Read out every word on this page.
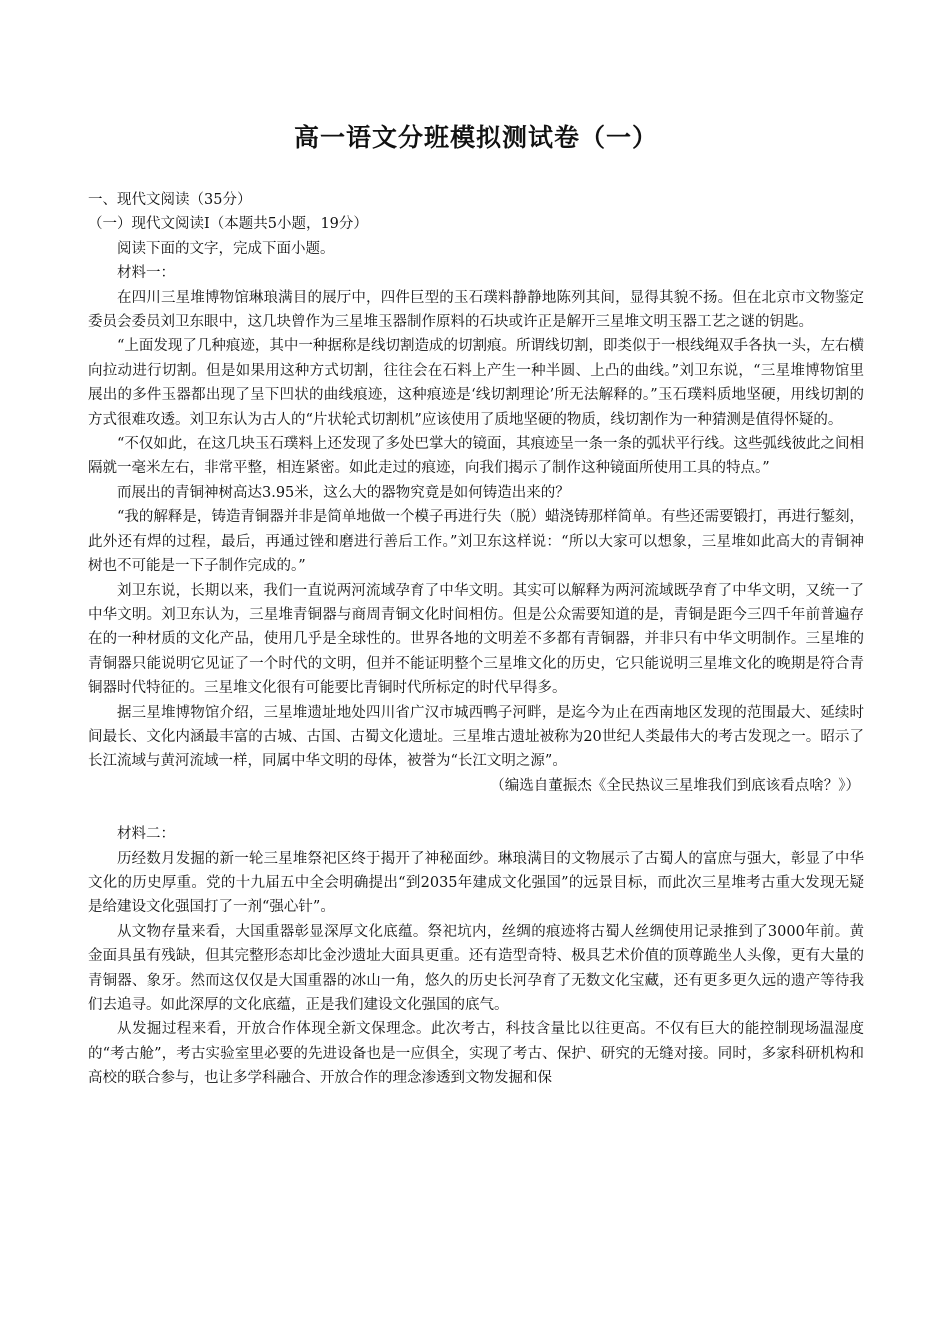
高一语文分班模拟测试卷（一）

一、现代文阅读（35分）

（一）现代文阅读Ⅰ（本题共5小题，19分）

阅读下面的文字，完成下面小题。

材料一：

在四川三星堆博物馆琳琅满目的展厅中，四件巨型的玉石璞料静静地陈列其间，显得其貌不扬。但在北京市文物鉴定委员会委员刘卫东眼中，这几块曾作为三星堆玉器制作原料的石块或许正是解开三星堆文明玉器工艺之谜的钥匙。

“上面发现了几种痕迹，其中一种据称是线切割造成的切割痕。所谓线切割，即类似于一根线绳双手各执一头，左右横向拉动进行切割。但是如果用这种方式切割，往往会在石料上产生一种半圆、上凸的曲线。”刘卫东说，“三星堆博物馆里展出的多件玉器都出现了呈下凹状的曲线痕迹，这种痕迹是‘线切割理论’所无法解释的。”玉石璞料质地坚硬，用线切割的方式很难攻透。刘卫东认为古人的“片状轮式切割机”应该使用了质地坚硬的物质，线切割作为一种猜测是值得怀疑的。

“不仅如此，在这几块玉石璞料上还发现了多处巴掌大的镜面，其痕迹呈一条一条的弧状平行线。这些弧线彼此之间相隔就一毫米左右，非常平整，相连紧密。如此走过的痕迹，向我们揭示了制作这种镜面所使用工具的特点。”

而展出的青铜神树高达3.95米，这么大的器物究竟是如何铸造出来的？

“我的解释是，铸造青铜器并非是简单地做一个模子再进行失（脱）蜡浇铸那样简单。有些还需要锻打，再进行錾刻，此外还有焊的过程，最后，再通过锉和磨进行善后工作。”刘卫东这样说：“所以大家可以想象，三星堆如此高大的青铜神树也不可能是一下子制作完成的。”

刘卫东说，长期以来，我们一直说两河流域孕育了中华文明。其实可以解释为两河流域既孕育了中华文明，又统一了中华文明。刘卫东认为，三星堆青铜器与商周青铜文化时间相仿。但是公众需要知道的是，青铜是距今三四千年前普遍存在的一种材质的文化产品，使用几乎是全球性的。世界各地的文明差不多都有青铜器，并非只有中华文明制作。三星堆的青铜器只能说明它见证了一个时代的文明，但并不能证明整个三星堆文化的历史，它只能说明三星堆文化的晚期是符合青铜器时代特征的。三星堆文化很有可能要比青铜时代所标定的时代早得多。

据三星堆博物馆介绍，三星堆遗址地处四川省广汉市城西鸭子河畔，是迄今为止在西南地区发现的范围最大、延续时间最长、文化内涵最丰富的古城、古国、古蜀文化遗址。三星堆古遗址被称为20世纪人类最伟大的考古发现之一。昭示了长江流域与黄河流域一样，同属中华文明的母体，被誉为“长江文明之源”。

（编选自董振杰《全民热议三星堆我们到底该看点啥？》）

材料二：

历经数月发掘的新一轮三星堆祭祀区终于揭开了神秘面纱。琳琅满目的文物展示了古蜀人的富庶与强大，彰显了中华文化的历史厚重。党的十九届五中全会明确提出“到2035年建成文化强国”的远景目标，而此次三星堆考古重大发现无疑是给建设文化强国打了一剂“强心针”。

从文物存量来看，大国重器彰显深厚文化底蕴。祭祀坑内，丝绸的痕迹将古蜀人丝绸使用记录推到了3000年前。黄金面具虽有残缺，但其完整形态却比金沙遗址大面具更重。还有造型奇特、极具艺术价值的顶尊跪坐人头像，更有大量的青铜器、象牙。然而这仅仅是大国重器的冰山一角，悠久的历史长河孕育了无数文化宝藏，还有更多更久远的遗产等待我们去追寻。如此深厚的文化底蕴，正是我们建设文化强国的底气。

从发掘过程来看，开放合作体现全新文保理念。此次考古，科技含量比以往更高。不仅有巨大的能控制现场温湿度的“考古舱”，考古实验室里必要的先进设备也是一应俱全，实现了考古、保护、研究的无缝对接。同时，多家科研机构和高校的联合参与，也让多学科融合、开放合作的理念渗透到文物发掘和保
